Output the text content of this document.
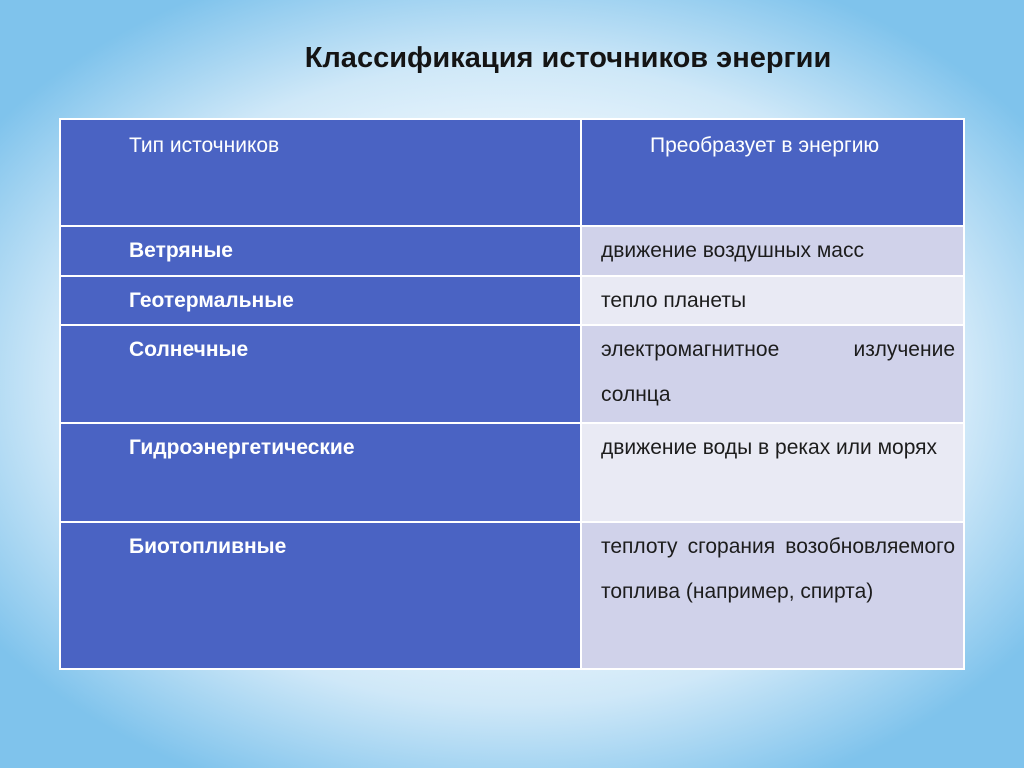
Классификация источников энергии
Тип источников	Преобразует в энергию
Ветряные	движение воздушных масс

Геотермальные	тепло планеты

Солнечные	электромагнитное излучение солнца

Гидроэнергетические	движение воды в реках или морях

Биотопливные	теплоту сгорания возобновляемого топлива (например, спирта)
